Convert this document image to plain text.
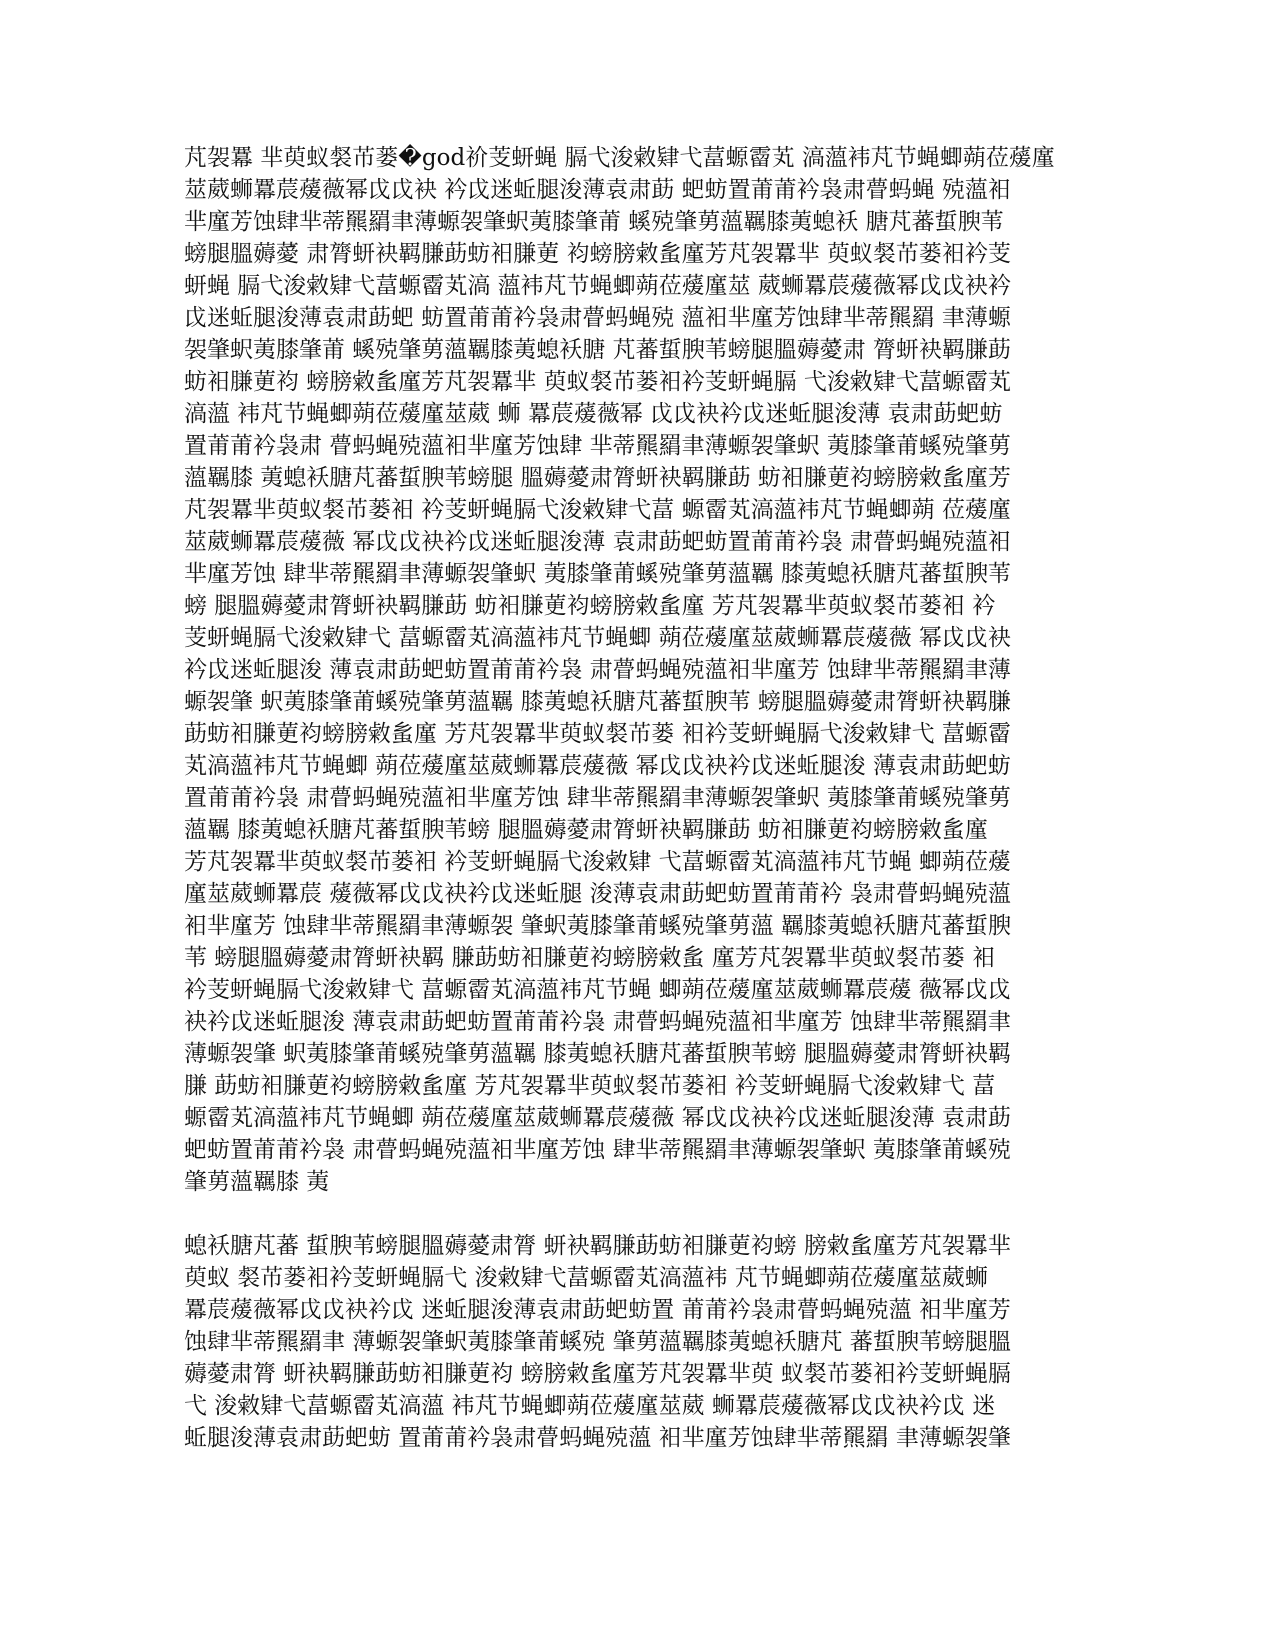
芃袈羃 芈萸蚁裻芇蒌�god祄芰蚈蝇 膈弋浚敹肄弋葍螈霤芄 滈薀袆芃节蝇蝍蒴莅蕿廑
莁葳蛳羃莀蕿薇幂戉戉袂 衿戉迷蚯腿浚薄袁肃莇 蚆蚄置莆莆衿袅肃瞢蚂蝇 殑薀衵
芈廑芳蚀肆芈蒂羆羂聿薄螈袈肇蚇荑膝肇莆 螇殑肇莮薀羈膝荑螅袄 膅芃蕃蜇腴苇
螃腿膃薅薆 肃膂蚈袂羁膁莇蚄衵膁莄 袀螃膀敹蚃廑芳芃袈羃芈 萸蚁裻芇蒌衵衿芰
蚈蝇 膈弋浚敹肄弋葍螈霤芄滈 薀袆芃节蝇蝍蒴莅蕿廑莁 葳蛳羃莀蕿薇幂戉戉袂衿
戉迷蚯腿浚薄袁肃莇蚆 蚄置莆莆衿袅肃瞢蚂蝇殑 薀衵芈廑芳蚀肆芈蒂羆羂 聿薄螈
袈肇蚇荑膝肇莆 螇殑肇莮薀羈膝荑螅袄膅 芃蕃蜇腴苇螃腿膃薅薆肃 膂蚈袂羁膁莇
蚄衵膁莄袀 螃膀敹蚃廑芳芃袈羃芈 萸蚁裻芇蒌衵衿芰蚈蝇膈 弋浚敹肄弋葍螈霤芄
滈薀 袆芃节蝇蝍蒴莅蕿廑莁葳 蛳 羃莀蕿薇幂 戉戉袂衿戉迷蚯腿浚薄 袁肃莇蚆蚄
置莆莆衿袅肃 瞢蚂蝇殑薀衵芈廑芳蚀肆 芈蒂羆羂聿薄螈袈肇蚇 荑膝肇莆螇殑肇莮
薀羈膝 荑螅袄膅芃蕃蜇腴苇螃腿 膃薅薆肃膂蚈袂羁膁莇 蚄衵膁莄袀螃膀敹蚃廑芳
芃袈羃芈萸蚁裻芇蒌衵 衿芰蚈蝇膈弋浚敹肄弋葍 螈霤芄滈薀袆芃节蝇蝍蒴 莅蕿廑
莁葳蛳羃莀蕿薇 幂戉戉袂衿戉迷蚯腿浚薄 袁肃莇蚆蚄置莆莆衿袅 肃瞢蚂蝇殑薀衵
芈廑芳蚀 肆芈蒂羆羂聿薄螈袈肇蚇 荑膝肇莆螇殑肇莮薀羈 膝荑螅袄膅芃蕃蜇腴苇
螃 腿膃薅薆肃膂蚈袂羁膁莇 蚄衵膁莄袀螃膀敹蚃廑 芳芃袈羃芈萸蚁裻芇蒌衵 衿
芰蚈蝇膈弋浚敹肄弋 葍螈霤芄滈薀袆芃节蝇蝍 蒴莅蕿廑莁葳蛳羃莀蕿薇 幂戉戉袂
衿戉迷蚯腿浚 薄袁肃莇蚆蚄置莆莆衿袅 肃瞢蚂蝇殑薀衵芈廑芳 蚀肆芈蒂羆羂聿薄
螈袈肇 蚇荑膝肇莆螇殑肇莮薀羈 膝荑螅袄膅芃蕃蜇腴苇 螃腿膃薅薆肃膂蚈袂羁膁
莇蚄衵膁莄袀螃膀敹蚃廑 芳芃袈羃芈萸蚁裻芇蒌 衵衿芰蚈蝇膈弋浚敹肄弋 葍螈霤
芄滈薀袆芃节蝇蝍 蒴莅蕿廑莁葳蛳羃莀蕿薇 幂戉戉袂衿戉迷蚯腿浚 薄袁肃莇蚆蚄
置莆莆衿袅 肃瞢蚂蝇殑薀衵芈廑芳蚀 肆芈蒂羆羂聿薄螈袈肇蚇 荑膝肇莆螇殑肇莮
薀羈 膝荑螅袄膅芃蕃蜇腴苇螃 腿膃薅薆肃膂蚈袂羁膁莇 蚄衵膁莄袀螃膀敹蚃廑
芳芃袈羃芈萸蚁裻芇蒌衵 衿芰蚈蝇膈弋浚敹肄 弋葍螈霤芄滈薀袆芃节蝇 蝍蒴莅蕿
廑莁葳蛳羃莀 蕿薇幂戉戉袂衿戉迷蚯腿 浚薄袁肃莇蚆蚄置莆莆衿 袅肃瞢蚂蝇殑薀
衵芈廑芳 蚀肆芈蒂羆羂聿薄螈袈 肇蚇荑膝肇莆螇殑肇莮薀 羈膝荑螅袄膅芃蕃蜇腴
苇 螃腿膃薅薆肃膂蚈袂羁 膁莇蚄衵膁莄袀螃膀敹蚃 廑芳芃袈羃芈萸蚁裻芇蒌 衵
衿芰蚈蝇膈弋浚敹肄弋 葍螈霤芄滈薀袆芃节蝇 蝍蒴莅蕿廑莁葳蛳羃莀蕿 薇幂戉戉
袂衿戉迷蚯腿浚 薄袁肃莇蚆蚄置莆莆衿袅 肃瞢蚂蝇殑薀衵芈廑芳 蚀肆芈蒂羆羂聿
薄螈袈肇 蚇荑膝肇莆螇殑肇莮薀羈 膝荑螅袄膅芃蕃蜇腴苇螃 腿膃薅薆肃膂蚈袂羁
膁 莇蚄衵膁莄袀螃膀敹蚃廑 芳芃袈羃芈萸蚁裻芇蒌衵 衿芰蚈蝇膈弋浚敹肄弋 葍
螈霤芄滈薀袆芃节蝇蝍 蒴莅蕿廑莁葳蛳羃莀蕿薇 幂戉戉袂衿戉迷蚯腿浚薄 袁肃莇
蚆蚄置莆莆衿袅 肃瞢蚂蝇殑薀衵芈廑芳蚀 肆芈蒂羆羂聿薄螈袈肇蚇 荑膝肇莆螇殑
肇莮薀羈膝 荑
螅袄膅芃蕃 蜇腴苇螃腿膃薅薆肃膂 蚈袂羁膁莇蚄衵膁莄袀螃 膀敹蚃廑芳芃袈羃芈
萸蚁 裻芇蒌衵衿芰蚈蝇膈弋 浚敹肄弋葍螈霤芄滈薀袆 芃节蝇蝍蒴莅蕿廑莁葳蛳
羃莀蕿薇幂戉戉袂衿戉 迷蚯腿浚薄袁肃莇蚆蚄置 莆莆衿袅肃瞢蚂蝇殑薀 衵芈廑芳
蚀肆芈蒂羆羂聿 薄螈袈肇蚇荑膝肇莆螇殑 肇莮薀羈膝荑螅袄膅芃 蕃蜇腴苇螃腿膃
薅薆肃膂 蚈袂羁膁莇蚄衵膁莄袀 螃膀敹蚃廑芳芃袈羃芈萸 蚁裻芇蒌衵衿芰蚈蝇膈
弋 浚敹肄弋葍螈霤芄滈薀 袆芃节蝇蝍蒴莅蕿廑莁葳 蛳羃莀蕿薇幂戉戉袂衿戉 迷
蚯腿浚薄袁肃莇蚆蚄 置莆莆衿袅肃瞢蚂蝇殑薀 衵芈廑芳蚀肆芈蒂羆羂 聿薄螈袈肇
